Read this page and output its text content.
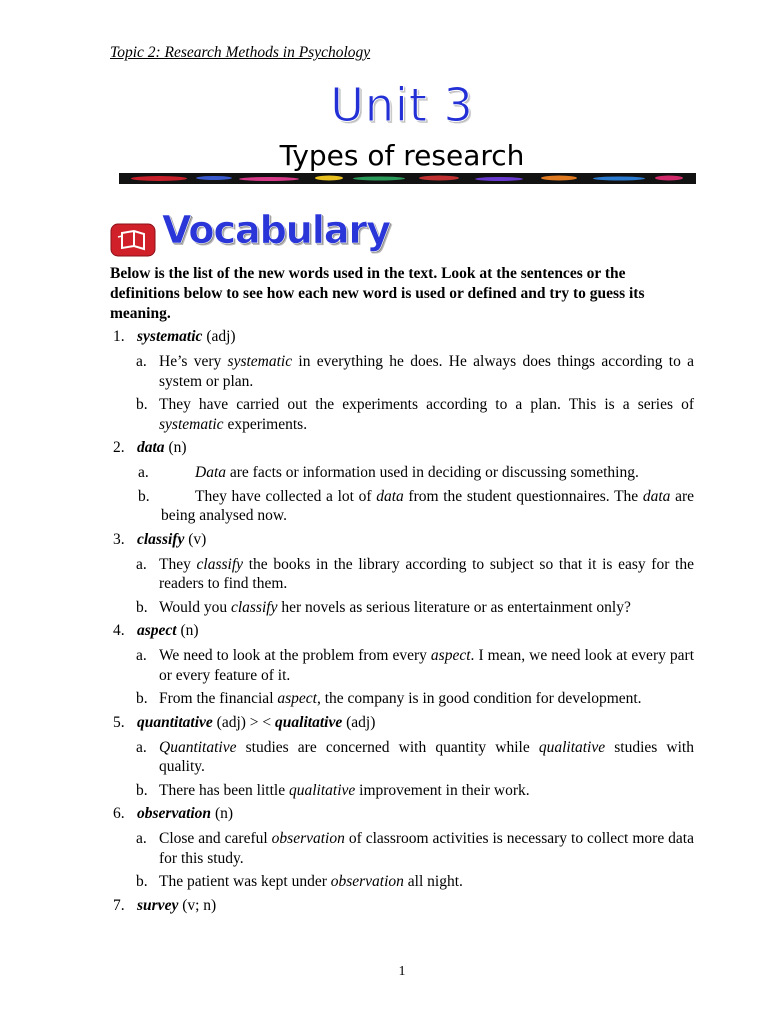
Topic 2: Research Methods in Psychology
Unit 3
Types of research
Vocabulary
Below is the list of the new words used in the text. Look at the sentences or the definitions below to see how each new word is used or defined and try to guess its meaning.
1. systematic (adj)
a. He’s very systematic in everything he does. He always does things according to a system or plan.
b. They have carried out the experiments according to a plan. This is a series of systematic experiments.
2. data (n)
a.	Data are facts or information used in deciding or discussing something.
b.	They have collected a lot of data from the student questionnaires. The data are being analysed now.
3. classify (v)
a. They classify the books in the library according to subject so that it is easy for the readers to find them.
b. Would you classify her novels as serious literature or as entertainment only?
4. aspect (n)
a. We need to look at the problem from every aspect. I mean, we need look at every part or every feature of it.
b. From the financial aspect, the company is in good condition for development.
5. quantitative (adj) > < qualitative (adj)
a. Quantitative studies are concerned with quantity while qualitative studies with quality.
b. There has been little qualitative improvement in their work.
6. observation (n)
a. Close and careful observation of classroom activities is necessary to collect more data for this study.
b. The patient was kept under observation all night.
7. survey (v; n)
1
